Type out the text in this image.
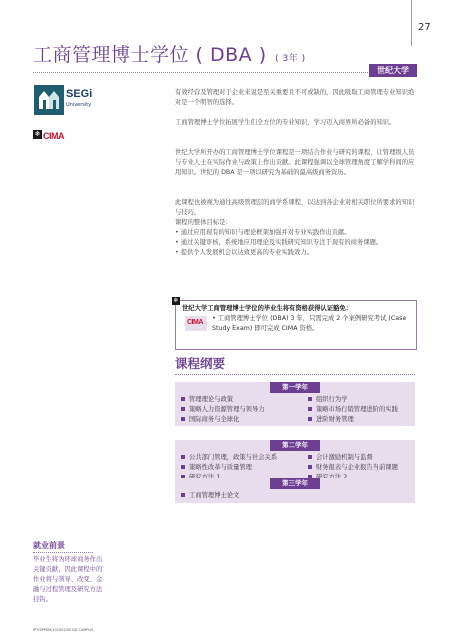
27
工商管理博士学位 ( DBA ) ( 3年 )
世纪大学
SEGi
University
❄ CIMA

有效经营及管理对于企业来说是至关重要且不可或缺的，因此吸取工商管理专业知识绝对是一个明智的选择。

工商管理博士学位拓展学生们全方位的专业知识，学习迈入商界所必备的知识。

世纪大学所开办的工商管理博士学位课程是一项结合作业与研究的课程，让管理级人员与专业人士在实际作业与政策上作出贡献。此课程强调以全球管理角度了解学科间的应用知识。世纪的 DBA 是一项以研究为基础的最高级商务资历。

此课程也被视为通往高级管理层的商学系课程，以达到各企业对相关职位所要求的知识与技巧。

课程的整体目标是：

• 通过应用现有的知识与理论框架加强并对专业实践作出贡献。

• 通过关键审核，系统地应用理论及实践研究知识专注于现有的商务课题。

• 提供个人发展机会以达致更高的专业实践效力。

❄
世纪大学工商管理博士学位的毕业生将有资格获得认证豁免：
CIMA
• 工商管理博士学位 (DBA) 3 年，只需完成 2 个案例研究考试 (Case Study Exam) 即可完成 CIMA 资格。
课程纲要
第一学年
管理理论与政策
策略人力资源管理与领导力
国际商务与全球化
组织行为学
策略市场行销管理进阶的实践
进阶财务管理
第二学年
公共部门管理，政策与社会关系
策略性改革与质量管理
会计激励机制与监督
财务报表与企业报告当前课题
第三学年
工商管理博士论文
就业前景
毕业生将为环球商务作出关键贡献，因此课程中的作业将与领导、改变、金融与过程管理及研究方法挂钩。
IPT/SPPSM/101002/00 KD CAMPUS
